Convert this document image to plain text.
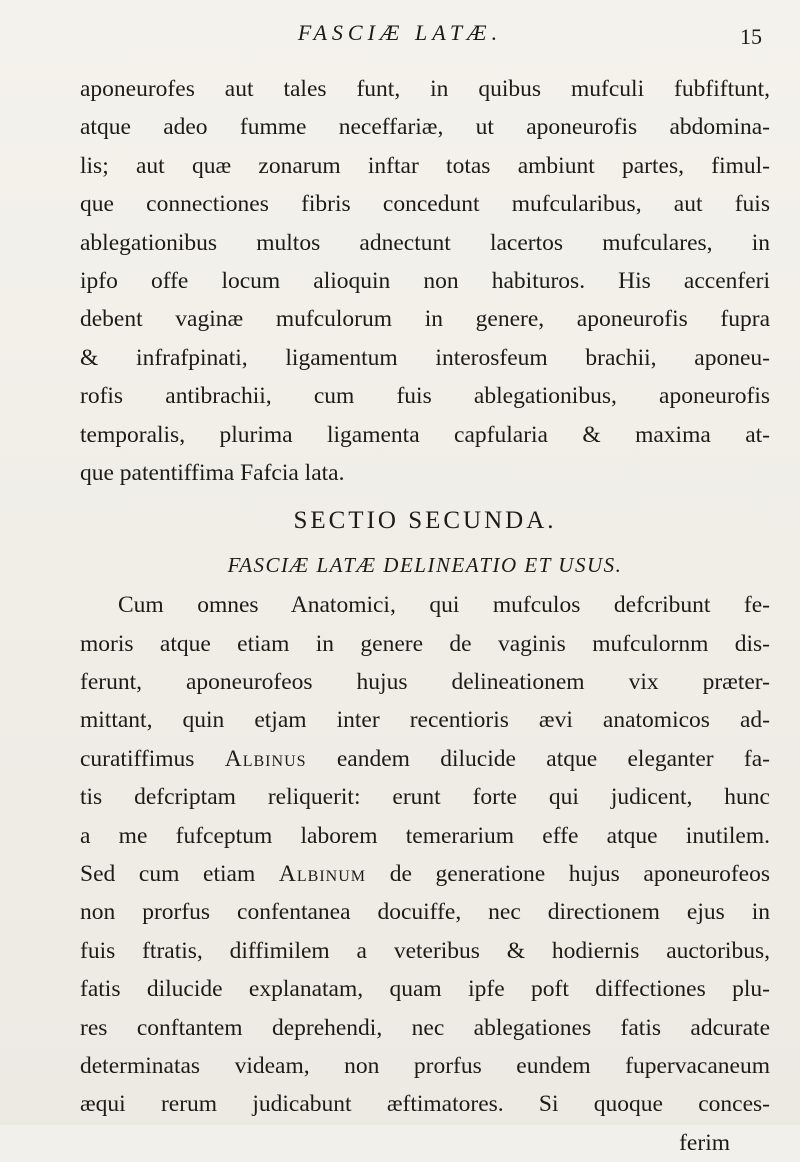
FASCIÆ LATÆ.	15
aponeurofes aut tales funt, in quibus mufculi fubfiftunt,
atque adeo fumme neceffariæ, ut aponeurofis abdomina-
lis; aut quæ zonarum inftar totas ambiunt partes, fimul-
que connectiones fibris concedunt mufcularibus, aut fuis
ablegationibus multos adnectunt lacertos mufculares, in
ipfo offe locum alioquin non habituros. His accenferi
debent vaginæ mufculorum in genere, aponeurofis fupra
& infrafpinati, ligamentum interosfeum brachii, aponeu-
rofis antibrachii, cum fuis ablegationibus, aponeurofis
temporalis, plurima ligamenta capfularia & maxima at-
que patentiffima Fafcia lata.
SECTIO SECUNDA.
FASCIÆ LATÆ DELINEATIO ET USUS.
Cum omnes Anatomici, qui mufculos defcribunt fe-
moris atque etiam in genere de vaginis mufculornm dis-
ferunt, aponeurofeos hujus delineationem vix præter-
mittant, quin etjam inter recentioris ævi anatomicos ad-
curatiffimus Albinus eandem dilucide atque eleganter fa-
tis defcriptam reliquerit: erunt forte qui judicent, hunc
a me fufceptum laborem temerarium effe atque inutilem.
Sed cum etiam Albinum de generatione hujus aponeurofeos
non prorfus confentanea docuiffe, nec directionem ejus in
fuis ftratis, diffimilem a veteribus & hodiernis auctoribus,
fatis dilucide explanatam, quam ipfe poft diffectiones plu-
res conftantem deprehendi, nec ablegationes fatis adcurate
determinatas videam, non prorfus eundem fupervacaneum
æqui rerum judicabunt æftimatores. Si quoque conces-
ferim
